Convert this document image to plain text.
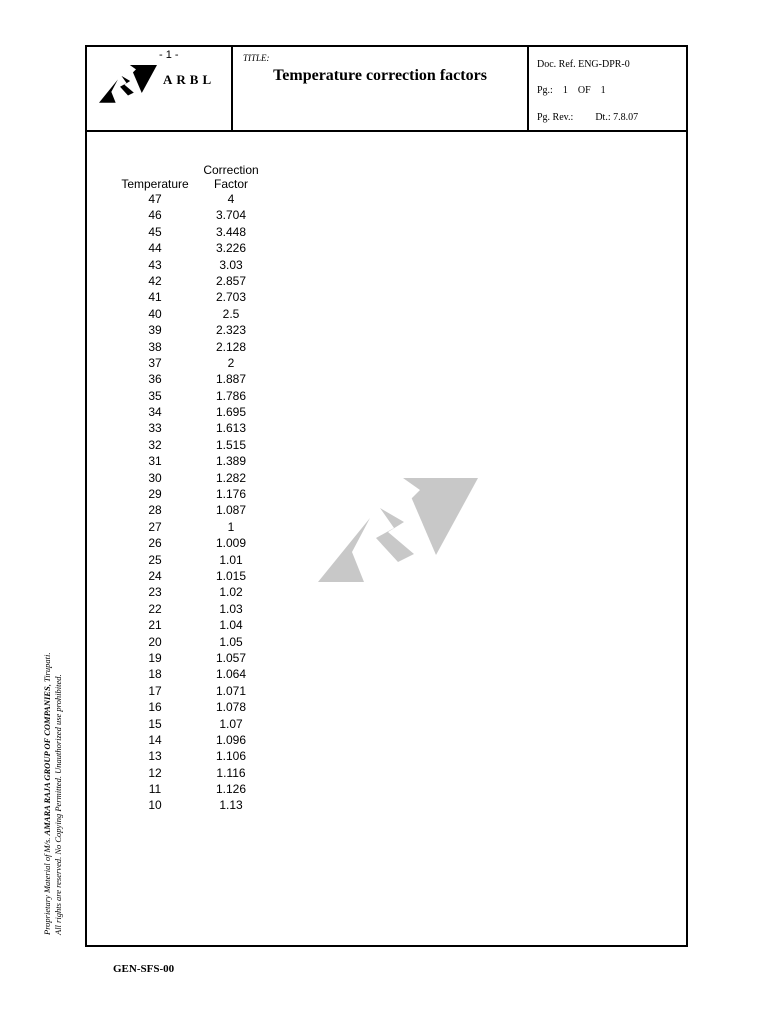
- 1 -
ARBL
TITLE:
Temperature correction factors
Doc. Ref. ENG-DPR-0
Pg.: 1 OF 1
Pg. Rev.: Dt.: 7.8.07
Temperature
Correction
Factor
47	4
46	3.704
45	3.448
44	3.226
43	3.03
42	2.857
41	2.703
40	2.5
39	2.323
38	2.128
37	2
36	1.887
35	1.786
34	1.695
33	1.613
32	1.515
31	1.389
30	1.282
29	1.176
28	1.087
27	1
26	1.009
25	1.01
24	1.015
23	1.02
22	1.03
21	1.04
20	1.05
19	1.057
18	1.064
17	1.071
16	1.078
15	1.07
14	1.096
13	1.106
12	1.116
11	1.126
10	1.13
Proprietary Material of M/s. AMARA RAJA GROUP OF COMPANIES, Tirupati.
All rights are reserved. No Copying Permitted. Unauthorized use prohibited.
GEN-SFS-00
